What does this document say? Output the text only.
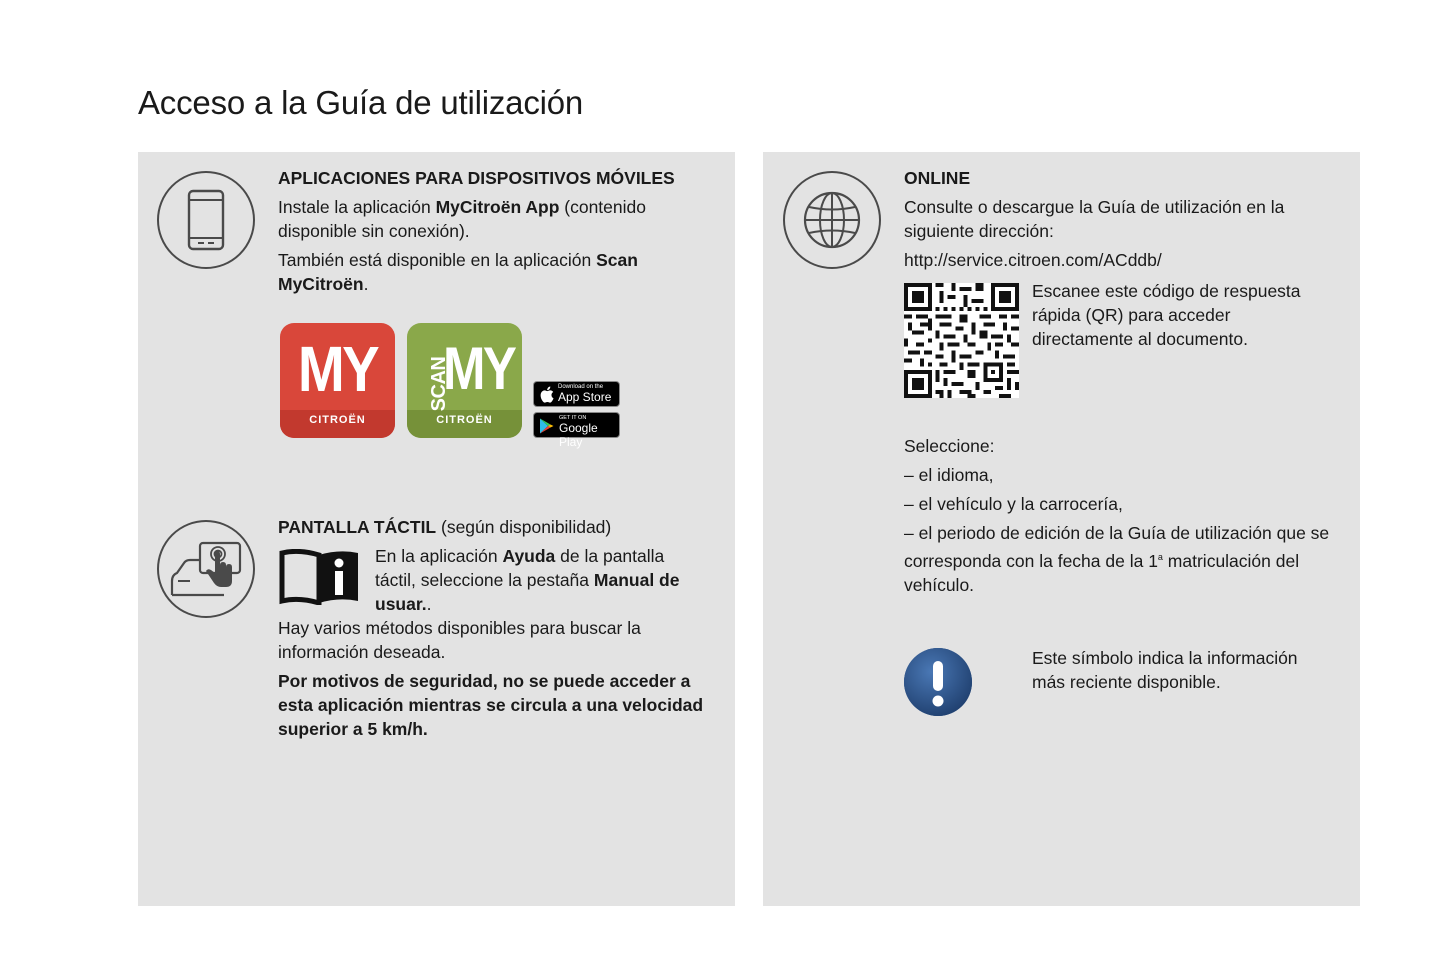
Acceso a la Guía de utilización

APLICACIONES PARA DISPOSITIVOS MÓVILES

Instale la aplicación MyCitroën App (contenido disponible sin conexión).

También está disponible en la aplicación Scan MyCitroën.

MY
CITROËN
SCAN
MY
CITROËN
Download on the
App Store
GET IT ON
Google Play
PANTALLA TÁCTIL (según disponibilidad)
En la aplicación Ayuda de la pantalla táctil, seleccione la pestaña Manual de usuar..

Hay varios métodos disponibles para buscar la información deseada.

Por motivos de seguridad, no se puede acceder a esta aplicación mientras se circula a una velocidad superior a 5 km/h.

ONLINE

Consulte o descargue la Guía de utilización en la siguiente dirección:

http://service.citroen.com/ACddb/

Escanee este código de respuesta rápida (QR) para acceder directamente al documento.

Seleccione:

– el idioma,

– el vehículo y la carrocería,

– el periodo de edición de la Guía de utilización que se corresponda con la fecha de la 1$^a$ matriculación del vehículo.

Este símbolo indica la información más reciente disponible.
